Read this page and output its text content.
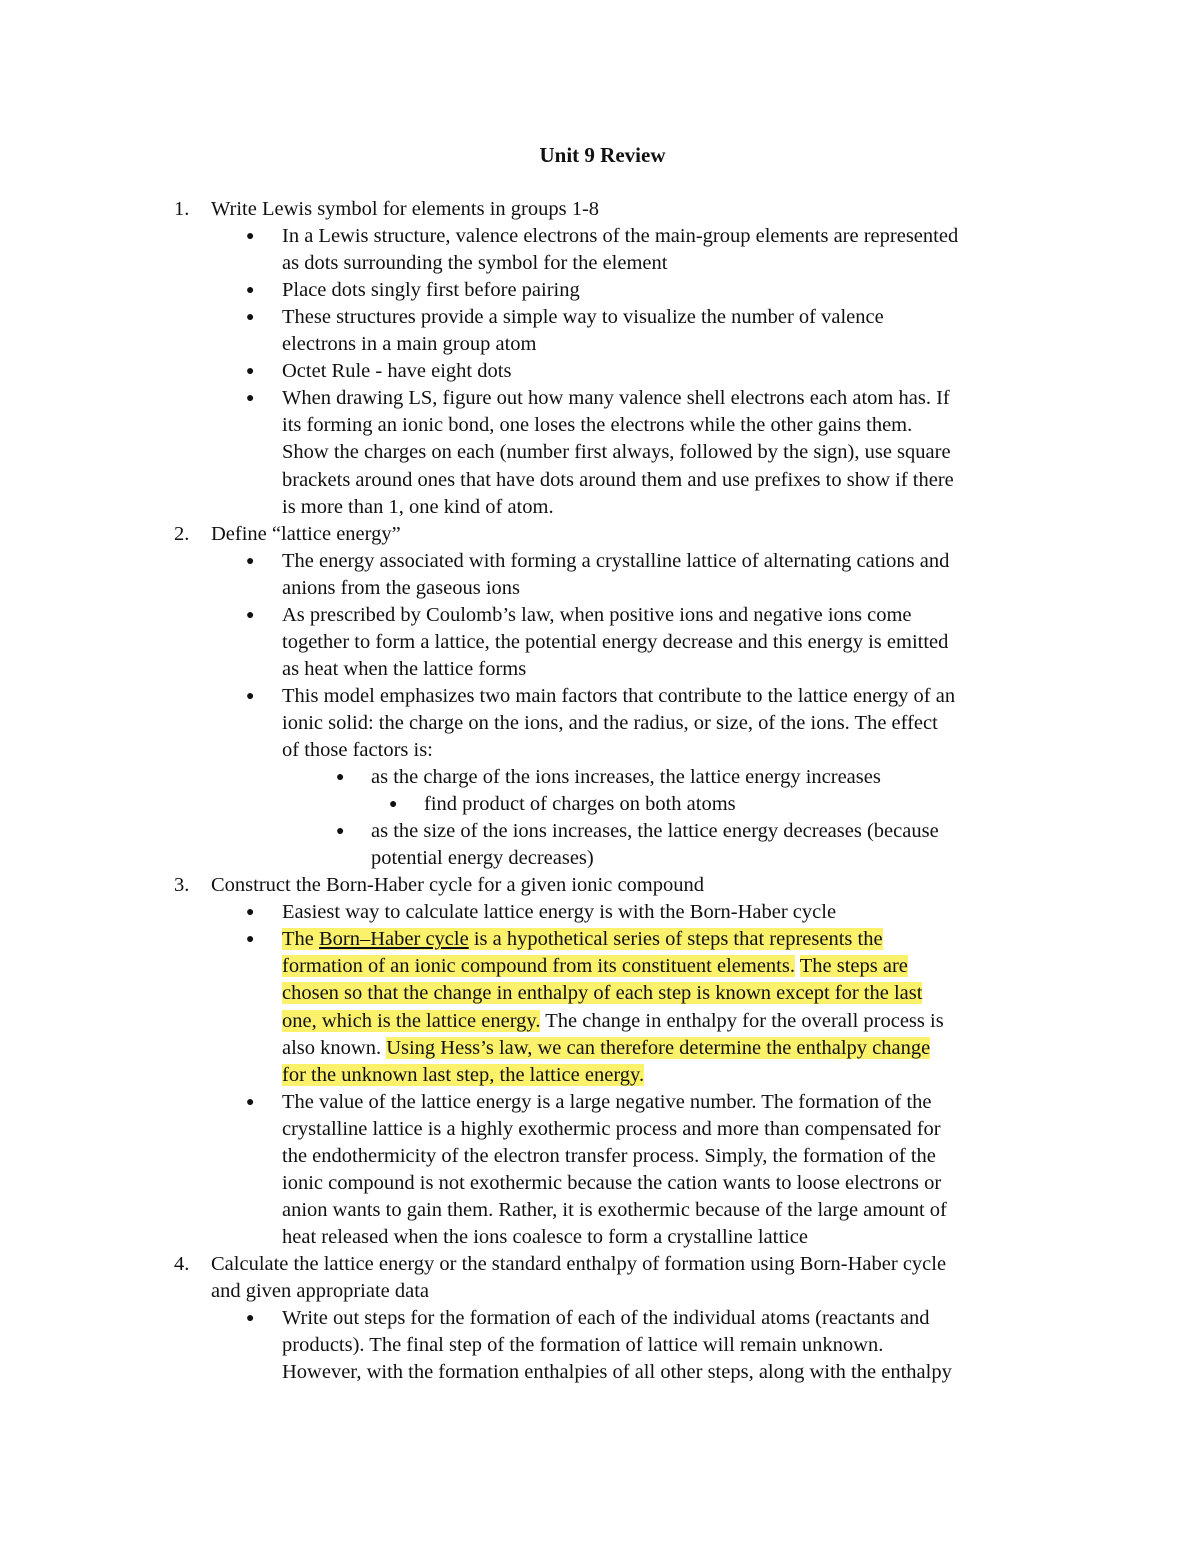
Unit 9 Review
1. Write Lewis symbol for elements in groups 1-8
● In a Lewis structure, valence electrons of the main-group elements are represented
as dots surrounding the symbol for the element
● Place dots singly first before pairing
● These structures provide a simple way to visualize the number of valence
electrons in a main group atom
● Octet Rule - have eight dots
● When drawing LS, figure out how many valence shell electrons each atom has. If
its forming an ionic bond, one loses the electrons while the other gains them.
Show the charges on each (number first always, followed by the sign), use square
brackets around ones that have dots around them and use prefixes to show if there
is more than 1, one kind of atom.
2. Define “lattice energy”
● The energy associated with forming a crystalline lattice of alternating cations and
anions from the gaseous ions
● As prescribed by Coulomb’s law, when positive ions and negative ions come
together to form a lattice, the potential energy decrease and this energy is emitted
as heat when the lattice forms
● This model emphasizes two main factors that contribute to the lattice energy of an
ionic solid: the charge on the ions, and the radius, or size, of the ions. The effect
of those factors is:
● as the charge of the ions increases, the lattice energy increases
● find product of charges on both atoms
● as the size of the ions increases, the lattice energy decreases (because
potential energy decreases)
3. Construct the Born-Haber cycle for a given ionic compound
● Easiest way to calculate lattice energy is with the Born-Haber cycle
● The Born–Haber cycle is a hypothetical series of steps that represents the
formation of an ionic compound from its constituent elements. The steps are
chosen so that the change in enthalpy of each step is known except for the last
one, which is the lattice energy. The change in enthalpy for the overall process is
also known. Using Hess’s law, we can therefore determine the enthalpy change
for the unknown last step, the lattice energy.
● The value of the lattice energy is a large negative number. The formation of the
crystalline lattice is a highly exothermic process and more than compensated for
the endothermicity of the electron transfer process. Simply, the formation of the
ionic compound is not exothermic because the cation wants to loose electrons or
anion wants to gain them. Rather, it is exothermic because of the large amount of
heat released when the ions coalesce to form a crystalline lattice
4. Calculate the lattice energy or the standard enthalpy of formation using Born-Haber cycle
and given appropriate data
● Write out steps for the formation of each of the individual atoms (reactants and
products). The final step of the formation of lattice will remain unknown.
However, with the formation enthalpies of all other steps, along with the enthalpy
